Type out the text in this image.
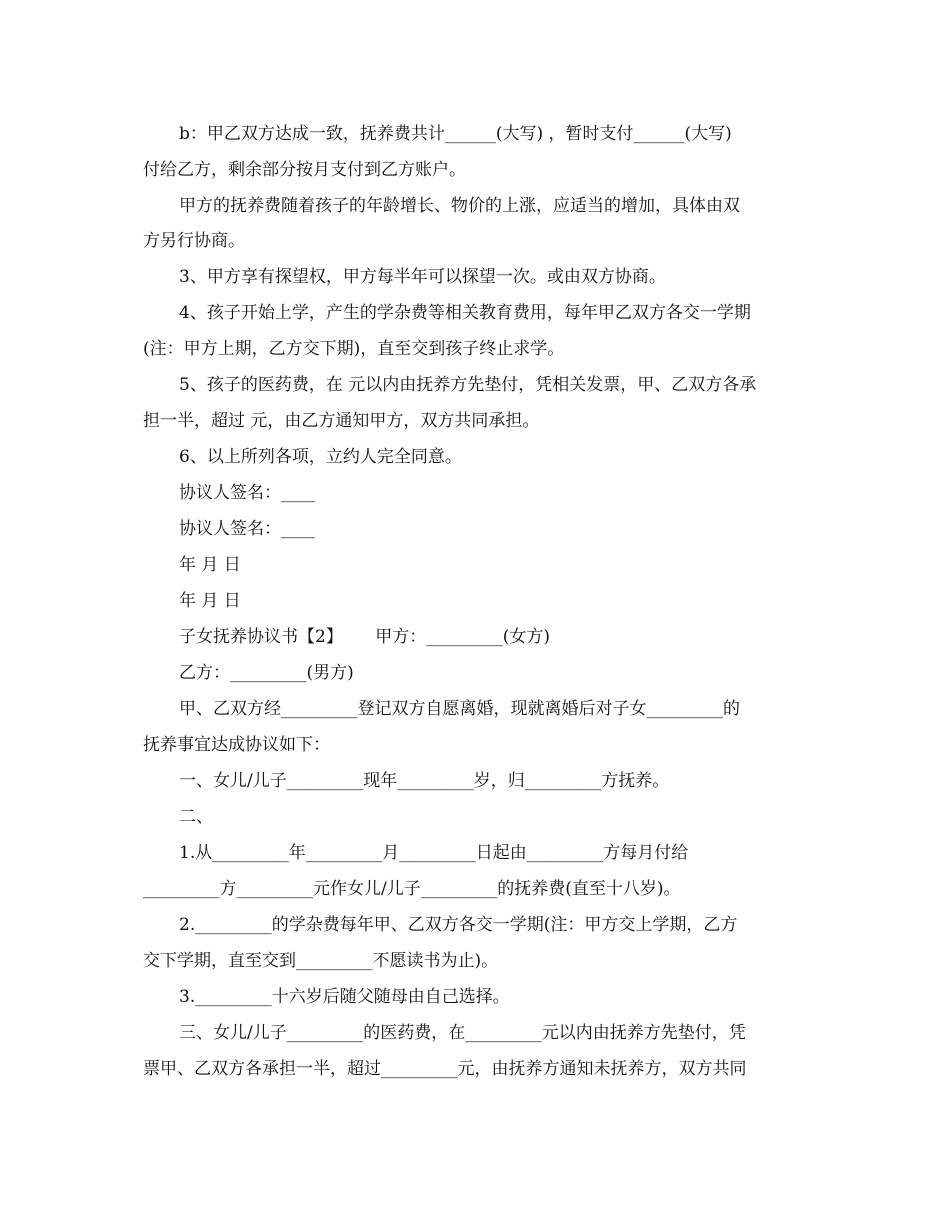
b：甲乙双方达成一致，抚养费共计______(大写) ，暂时支付______(大写)
付给乙方，剩余部分按月支付到乙方账户。
甲方的抚养费随着孩子的年龄增长、物价的上涨，应适当的增加，具体由双
方另行协商。
3、甲方享有探望权，甲方每半年可以探望一次。或由双方协商。
4、孩子开始上学，产生的学杂费等相关教育费用，每年甲乙双方各交一学期
(注：甲方上期，乙方交下期)，直至交到孩子终止求学。
5、孩子的医药费，在 元以内由抚养方先垫付，凭相关发票，甲、乙双方各承
担一半，超过 元，由乙方通知甲方，双方共同承担。
6、以上所列各项，立约人完全同意。
协议人签名：____
协议人签名：____
年 月 日
年 月 日
子女抚养协议书【2】      甲方：_________(女方)
乙方：_________(男方)
甲、乙双方经_________登记双方自愿离婚，现就离婚后对子女_________的
抚养事宜达成协议如下：
一、女儿/儿子_________现年_________岁，归_________方抚养。
二、
1.从_________年_________月_________日起由_________方每月付给
_________方_________元作女儿/儿子_________的抚养费(直至十八岁)。
2._________的学杂费每年甲、乙双方各交一学期(注：甲方交上学期，乙方
交下学期，直至交到_________不愿读书为止)。
3._________十六岁后随父随母由自己选择。
三、女儿/儿子_________的医药费，在_________元以内由抚养方先垫付，凭
票甲、乙双方各承担一半，超过_________元，由抚养方通知未抚养方，双方共同
